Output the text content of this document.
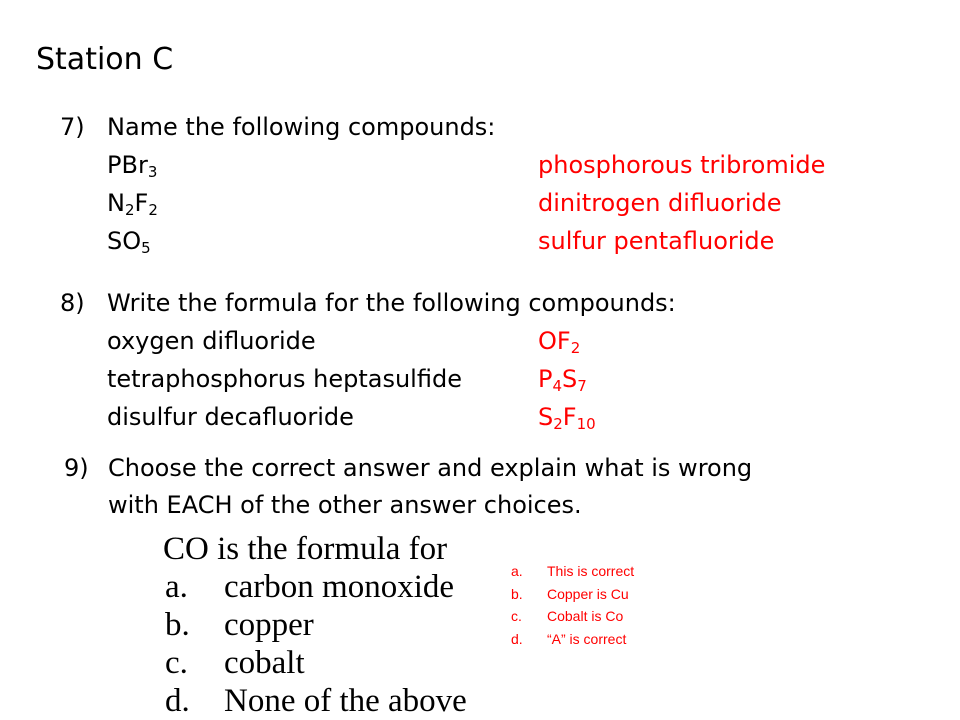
Station C
7) Name the following compounds:
PBr$_3$	phosphorous tribromide
$N_2F_2$	dinitrogen difluoride
$SO_5$	sulfur pentafluoride
8) Write the formula for the following compounds:
oxygen difluoride	$OF_2$
tetraphosphorus heptasulfide	$P_4S_7$
disulfur decafluoride	$S_2F_{10}$
9) Choose the correct answer and explain what is wrong
with EACH of the other answer choices.
CO is the formula for
a. carbon monoxide
b. copper
c. cobalt
d. None of the above
a. This is correct
b. Copper is Cu
c. Cobalt is Co
d. “A” is correct
